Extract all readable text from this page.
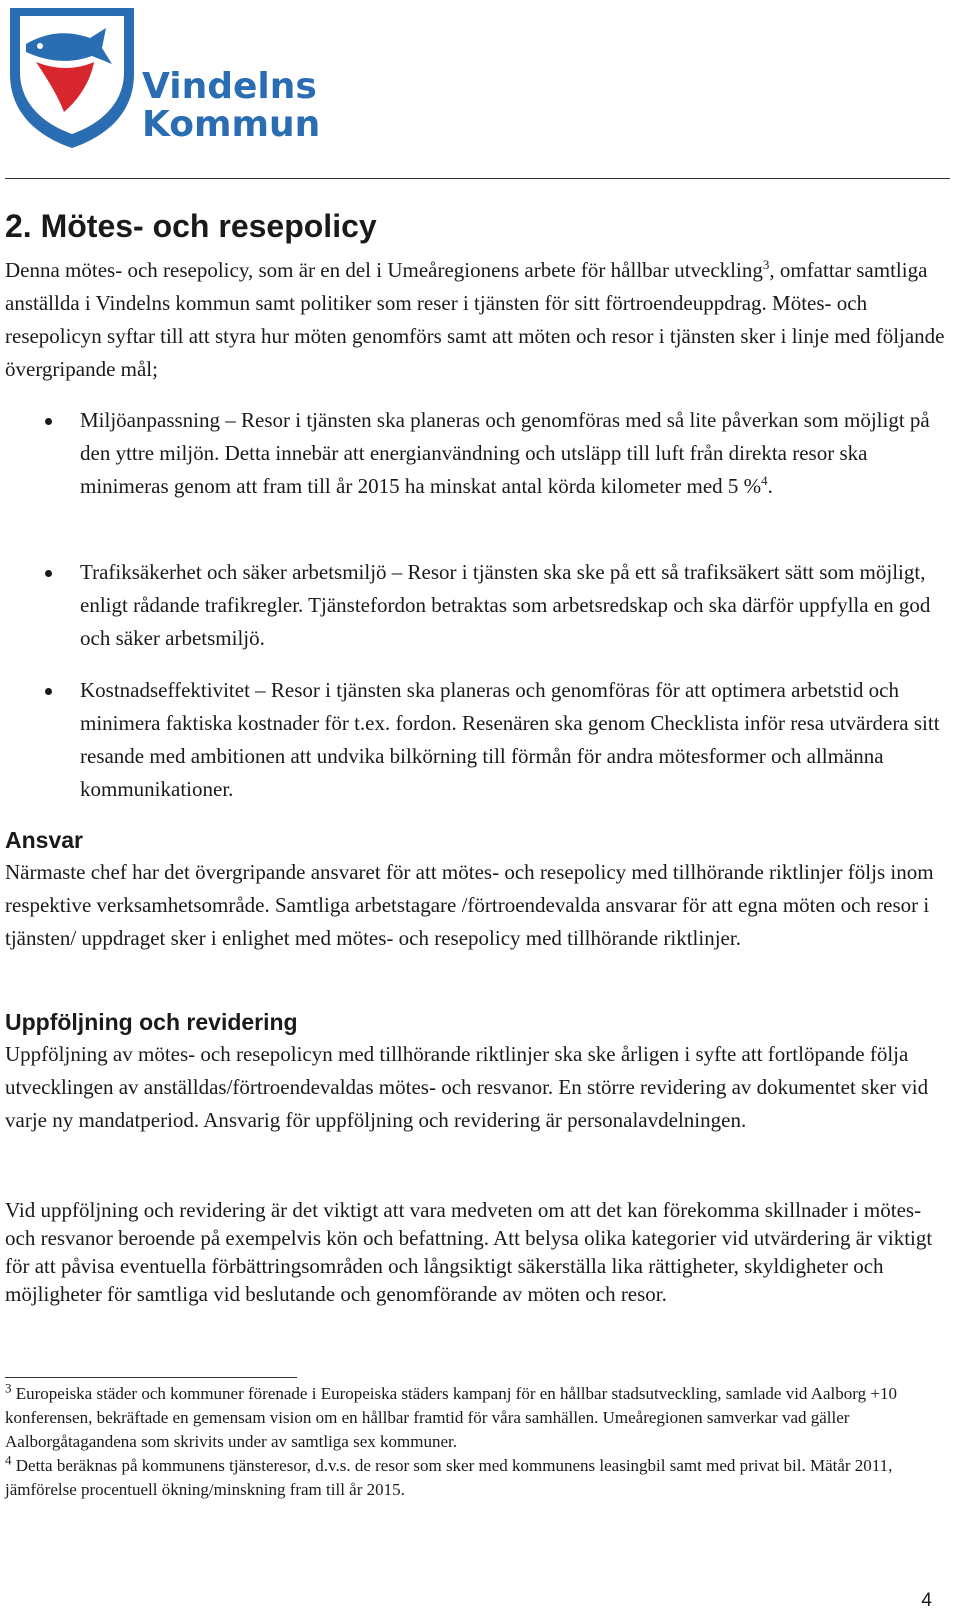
Vindelns
Kommun
2. Mötes- och resepolicy

Denna mötes- och resepolicy, som är en del i Umeåregionens arbete för hållbar utveckling$^3$, omfattar samtliga anställda i Vindelns kommun samt politiker som reser i tjänsten för sitt förtroendeuppdrag. Mötes- och resepolicyn syftar till att styra hur möten genomförs samt att möten och resor i tjänsten sker i linje med följande övergripande mål;

Miljöanpassning – Resor i tjänsten ska planeras och genomföras med så lite påverkan som möjligt på den yttre miljön. Detta innebär att energianvändning och utsläpp till luft från direkta resor ska minimeras genom att fram till år 2015 ha minskat antal körda kilometer med 5 %$^4$.
Trafiksäkerhet och säker arbetsmiljö – Resor i tjänsten ska ske på ett så trafiksäkert sätt som möjligt, enligt rådande trafikregler. Tjänstefordon betraktas som arbetsredskap och ska därför uppfylla en god och säker arbetsmiljö.
Kostnadseffektivitet – Resor i tjänsten ska planeras och genomföras för att optimera arbetstid och minimera faktiska kostnader för t.ex. fordon. Resenären ska genom Checklista inför resa utvärdera sitt resande med ambitionen att undvika bilkörning till förmån för andra mötesformer och allmänna kommunikationer.
Ansvar

Närmaste chef har det övergripande ansvaret för att mötes- och resepolicy med tillhörande riktlinjer följs inom respektive verksamhetsområde. Samtliga arbetstagare /förtroendevalda ansvarar för att egna möten och resor i tjänsten/ uppdraget sker i enlighet med mötes- och resepolicy med tillhörande riktlinjer.

Uppföljning och revidering

Uppföljning av mötes- och resepolicyn med tillhörande riktlinjer ska ske årligen i syfte att fortlöpande följa utvecklingen av anställdas/förtroendevaldas mötes- och resvanor. En större revidering av dokumentet sker vid varje ny mandatperiod. Ansvarig för uppföljning och revidering är personalavdelningen.

Vid uppföljning och revidering är det viktigt att vara medveten om att det kan förekomma skillnader i mötes- och resvanor beroende på exempelvis kön och befattning. Att belysa olika kategorier vid utvärdering är viktigt för att påvisa eventuella förbättringsområden och långsiktigt säkerställa lika rättigheter, skyldigheter och möjligheter för samtliga vid beslutande och genomförande av möten och resor.

$^3$ Europeiska städer och kommuner förenade i Europeiska städers kampanj för en hållbar stadsutveckling, samlade vid Aalborg +10 konferensen, bekräftade en gemensam vision om en hållbar framtid för våra samhällen. Umeåregionen samverkar vad gäller Aalborgåtagandena som skrivits under av samtliga sex kommuner.

$^4$ Detta beräknas på kommunens tjänsteresor, d.v.s. de resor som sker med kommunens leasingbil samt med privat bil. Mätår 2011, jämförelse procentuell ökning/minskning fram till år 2015.

4
